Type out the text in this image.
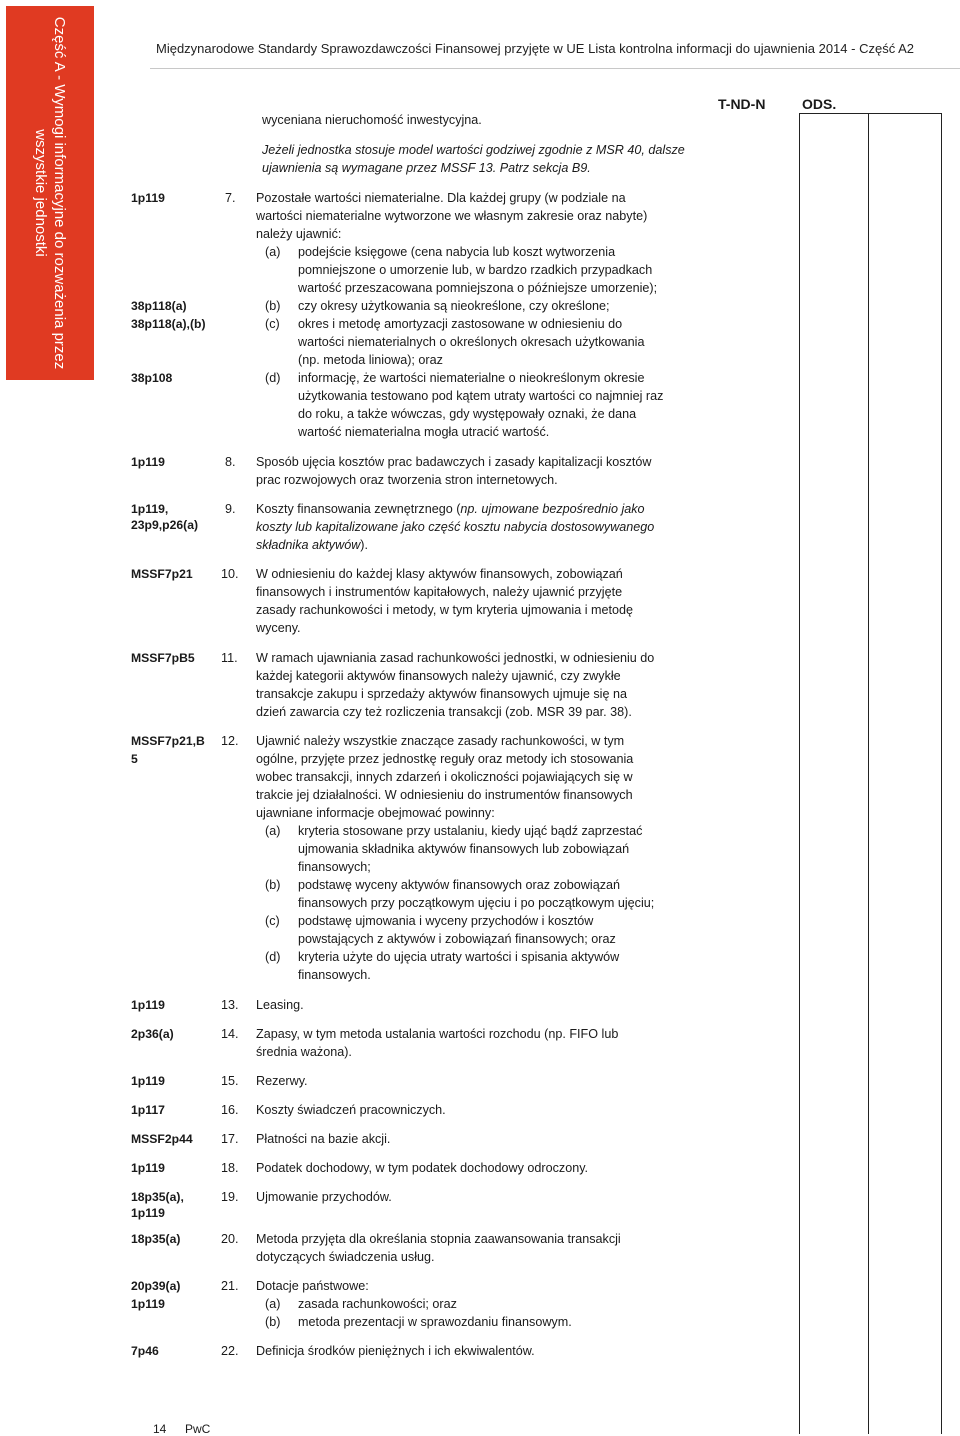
Część A - Wymogi informacyjne do rozważenia przez wszystkie jednostki
Międzynarodowe Standardy Sprawozdawczości Finansowej przyjęte w UE Lista kontrolna informacji do ujawnienia 2014 - Część A2
T-ND-N	ODS.
wyceniana nieruchomość inwestycyjna.
Jeżeli jednostka stosuje model wartości godziwej zgodnie z MSR 40, dalsze
ujawnienia są wymagane przez MSSF 13. Patrz sekcja B9.
1p119	7. Pozostałe wartości niematerialne. Dla każdej grupy (w podziale na
wartości niematerialne wytworzone we własnym zakresie oraz nabyte)
należy ujawnić:
(a) podejście księgowe (cena nabycia lub koszt wytworzenia
pomniejszone o umorzenie lub, w bardzo rzadkich przypadkach
wartość przeszacowana pomniejszona o późniejsze umorzenie);
38p118(a)	(b) czy okresy użytkowania są nieokreślone, czy określone;
38p118(a),(b)	(c) okres i metodę amortyzacji zastosowane w odniesieniu do
wartości niematerialnych o określonych okresach użytkowania
(np. metoda liniowa); oraz
38p108	(d) informację, że wartości niematerialne o nieokreślonym okresie
użytkowania testowano pod kątem utraty wartości co najmniej raz
do roku, a także wówczas, gdy występowały oznaki, że dana
wartość niematerialna mogła utracić wartość.
1p119	8. Sposób ujęcia kosztów prac badawczych i zasady kapitalizacji kosztów
prac rozwojowych oraz tworzenia stron internetowych.
1p119,
23p9,p26(a)
9. Koszty finansowania zewnętrznego (np. ujmowane bezpośrednio jako
koszty lub kapitalizowane jako część kosztu nabycia dostosowywanego
składnika aktywów).
MSSF7p21 10. W odniesieniu do każdej klasy aktywów finansowych, zobowiązań
finansowych i instrumentów kapitałowych, należy ujawnić przyjęte
zasady rachunkowości i metody, w tym kryteria ujmowania i metodę
wyceny.
MSSF7pB5 11. W ramach ujawniania zasad rachunkowości jednostki, w odniesieniu do
każdej kategorii aktywów finansowych należy ujawnić, czy zwykłe
transakcje zakupu i sprzedaży aktywów finansowych ujmuje się na
dzień zawarcia czy też rozliczenia transakcji (zob. MSR 39 par. 38).
MSSF7p21,B
5
12. Ujawnić należy wszystkie znaczące zasady rachunkowości, w tym
ogólne, przyjęte przez jednostkę reguły oraz metody ich stosowania
wobec transakcji, innych zdarzeń i okoliczności pojawiających się w
trakcie jej działalności. W odniesieniu do instrumentów finansowych
ujawniane informacje obejmować powinny:
(a) kryteria stosowane przy ustalaniu, kiedy ująć bądź zaprzestać
ujmowania składnika aktywów finansowych lub zobowiązań
finansowych;
(b) podstawę wyceny aktywów finansowych oraz zobowiązań
finansowych przy początkowym ujęciu i po początkowym ujęciu;
(c) podstawę ujmowania i wyceny przychodów i kosztów
powstających z aktywów i zobowiązań finansowych; oraz
(d) kryteria użyte do ujęcia utraty wartości i spisania aktywów
finansowych.
1p119	13. Leasing.
2p36(a)	14. Zapasy, w tym metoda ustalania wartości rozchodu (np. FIFO lub
średnia ważona).
1p119	15. Rezerwy.
1p117	16. Koszty świadczeń pracowniczych.
MSSF2p44 17. Płatności na bazie akcji.
1p119	18. Podatek dochodowy, w tym podatek dochodowy odroczony.
18p35(a),
1p119
19. Ujmowanie przychodów.
18p35(a)	20. Metoda przyjęta dla określania stopnia zaawansowania transakcji
dotyczących świadczenia usług.
20p39(a)
1p119
21. Dotacje państwowe:
(a) zasada rachunkowości; oraz
(b) metoda prezentacji w sprawozdaniu finansowym.
7p46	22. Definicja środków pieniężnych i ich ekwiwalentów.
14 PwC
